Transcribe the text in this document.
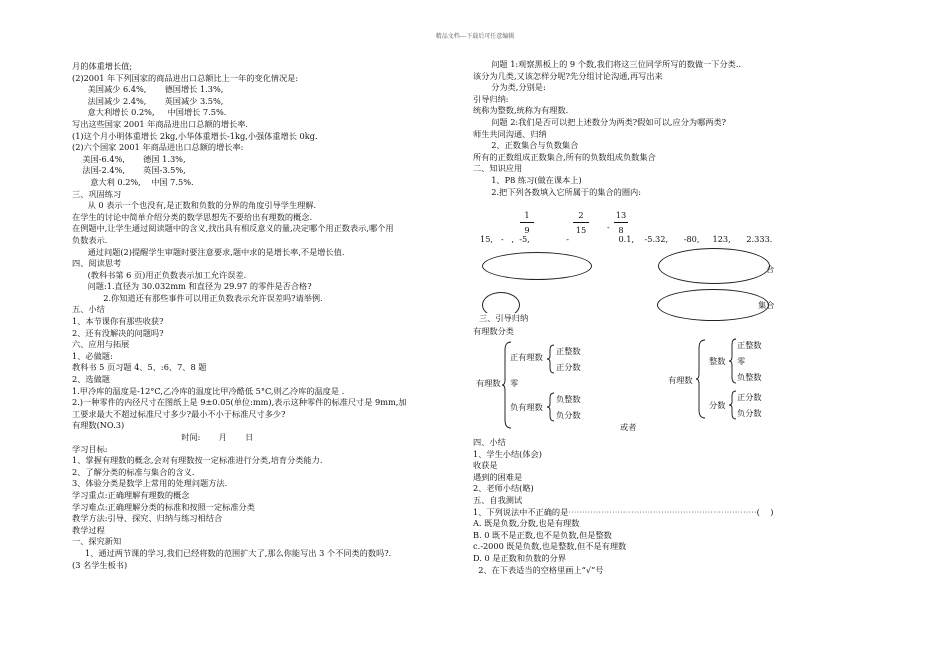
精品文档---下载后可任意编辑
月的体重增长值;
(2)2001 年下列国家的商品进出口总额比上一年的变化情况是:
美国减少 6.4%,       德国增长 1.3%,
法国减少 2.4%,       英国减少 3.5%,
意大利增长 0.2%,     中国增长 7.5%.
写出这些国家 2001 年商品进出口总额的增长率.
(1)这个月小明体重增长 2kg,小华体重增长-1kg,小强体重增长 0kg.
(2)六个国家 2001 年商品进出口总额的增长率:
美国-6.4%,       德国 1.3%,
法国-2.4%,       英国-3.5%,
意大利 0.2%,    中国 7.5%.
三、巩固练习
从 0 表示一个也没有,是正数和负数的分界的角度引导学生理解.
在学生的讨论中简单介绍分类的数学思想先不要给出有理数的概念.
在例题中,让学生通过阅读题中的含义,找出具有相反意义的量,决定哪个用正数表示,哪个用
负数表示.
通过问题(2)提醒学生审题时要注意要求,题中求的是增长率,不是增长值.
四、阅读思考
(教科书第 6 页)用正负数表示加工允许误差.
问题:1.直径为 30.032mm 和直径为 29.97 的零件是否合格?
2.你知道还有那些事件可以用正负数表示允许误差吗?请举例.
五、小结
1、本节课你有那些收获?
2、还有没解决的问题吗?
六、应用与拓展
1、必做题:
教科书 5 页习题 4、5、:6、7、8 题
2、选做题
1.甲冷库的温度是-12°C,乙冷库的温度比甲冷酷低 5°C,则乙冷库的温度是 .
2.)一种零件的内径尺寸在图纸上是 9±0.05(单位:mm),表示这种零件的标准尺寸是 9mm,加
工要求最大不超过标准尺寸多少?最小不小于标准尺寸多少?
有理数(NO.3)
时间:       月       日
学习目标:
1、掌握有理数的概念,会对有理数按一定标准进行分类,培育分类能力.
2、了解分类的标准与集合的含义.
3、体验分类是数学上常用的处理问题方法.
学习重点:正确理解有理数的概念
学习难点:正确理解分类的标准和按照一定标准分类
教学方法:引导、探究、归纳与练习相结合
教学过程
一、探究新知
1、通过两节课的学习,我们已经将数的范围扩大了,那么你能写出 3 个不同类的数吗?.
(3 名学生板书)
问题 1:观察黑板上的 9 个数,我们将这三位同学所写的数做一下分类..
该分为几类,又该怎样分呢?先分组讨论沟通,再写出来
分为类,分别是:
引导归纳:
统称为整数,统称为有理数.
问题 2:我们是否可以把上述数分为两类?假如可以,应分为哪两类?
师生共同沟通、归纳
2、正数集合与负数集合
所有的正数组成正数集合,所有的负数组成负数集合
二、知识应用
1、P8 练习(做在课本上)
2.把下列各数填入它所属于的集合的圈内:
1
9
2
15	-
13
8
15,   -   ,  -5,              -                   0.1,    -5.32,      -80,     123,      2.333.
合
集合
三、引导归纳
有理数分类
有理数
正有理数
正整数
正分数
零
负有理数
负整数
负分数
有理数
整数
正整数
零
负整数
分数
正分数
负分数
或者
四、小结
1、学生小结(体会)
收获是
遇到的困难是
2、老师小结(略)
五、自我测试
1、下列说法中不正确的是⋯⋯⋯⋯⋯⋯⋯⋯⋯⋯⋯⋯⋯⋯⋯⋯⋯⋯⋯⋯⋯⋯⋯(    )
A. 既是负数,分数,也是有理数
B. 0 既不是正数,也不是负数,但是整数
c.-2000 既是负数,也是整数,但不是有理数
D. 0 是正数和负数的分界
2、在下表适当的空格里画上“√”号
